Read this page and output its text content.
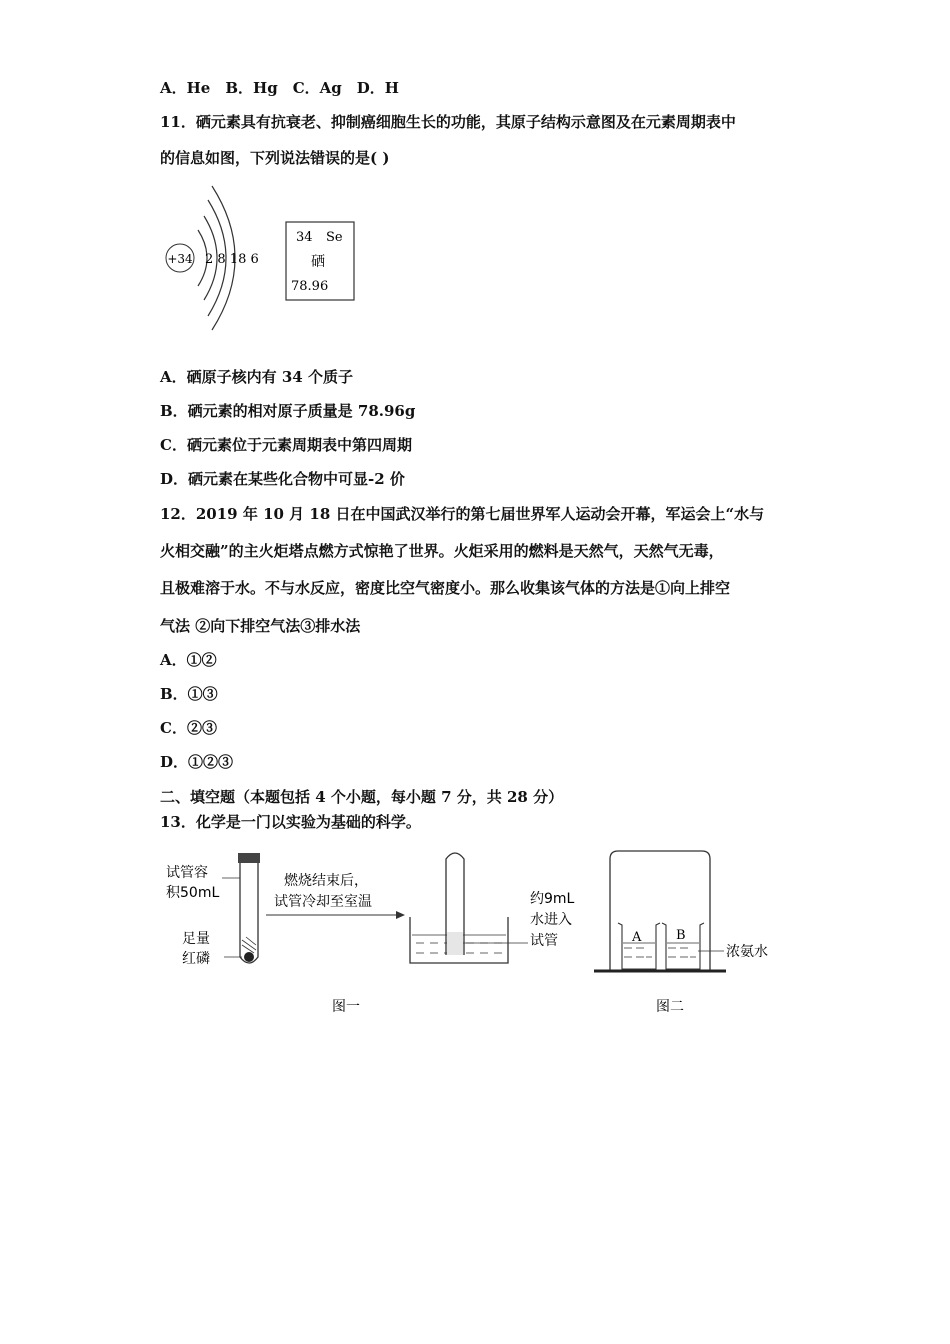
A．He　B．Hg　C．Ag　D．H
11．硒元素具有抗衰老、抑制癌细胞生长的功能，其原子结构示意图及在元素周期表中
的信息如图，下列说法错误的是( )
+34 2 8 18 6
34 Se
硒
78.96
A．硒原子核内有 34 个质子
B．硒元素的相对原子质量是 78.96g
C．硒元素位于元素周期表中第四周期
D．硒元素在某些化合物中可显-2 价
12．2019 年 10 月 18 日在中国武汉举行的第七届世界军人运动会开幕，军运会上“水与
火相交融”的主火炬塔点燃方式惊艳了世界。火炬采用的燃料是天然气，天然气无毒，
且极难溶于水。不与水反应，密度比空气密度小。那么收集该气体的方法是①向上排空
气法 ②向下排空气法③排水法
A．①②
B．①③
C．②③
D．①②③
二、填空题（本题包括 4 个小题，每小题 7 分，共 28 分）
13．化学是一门以实验为基础的科学。
试管容
积50mL
足量
红磷
燃烧结束后，
试管冷却至室温	约9mL
水进入
试管
图一
A	B
浓氨水
图二
